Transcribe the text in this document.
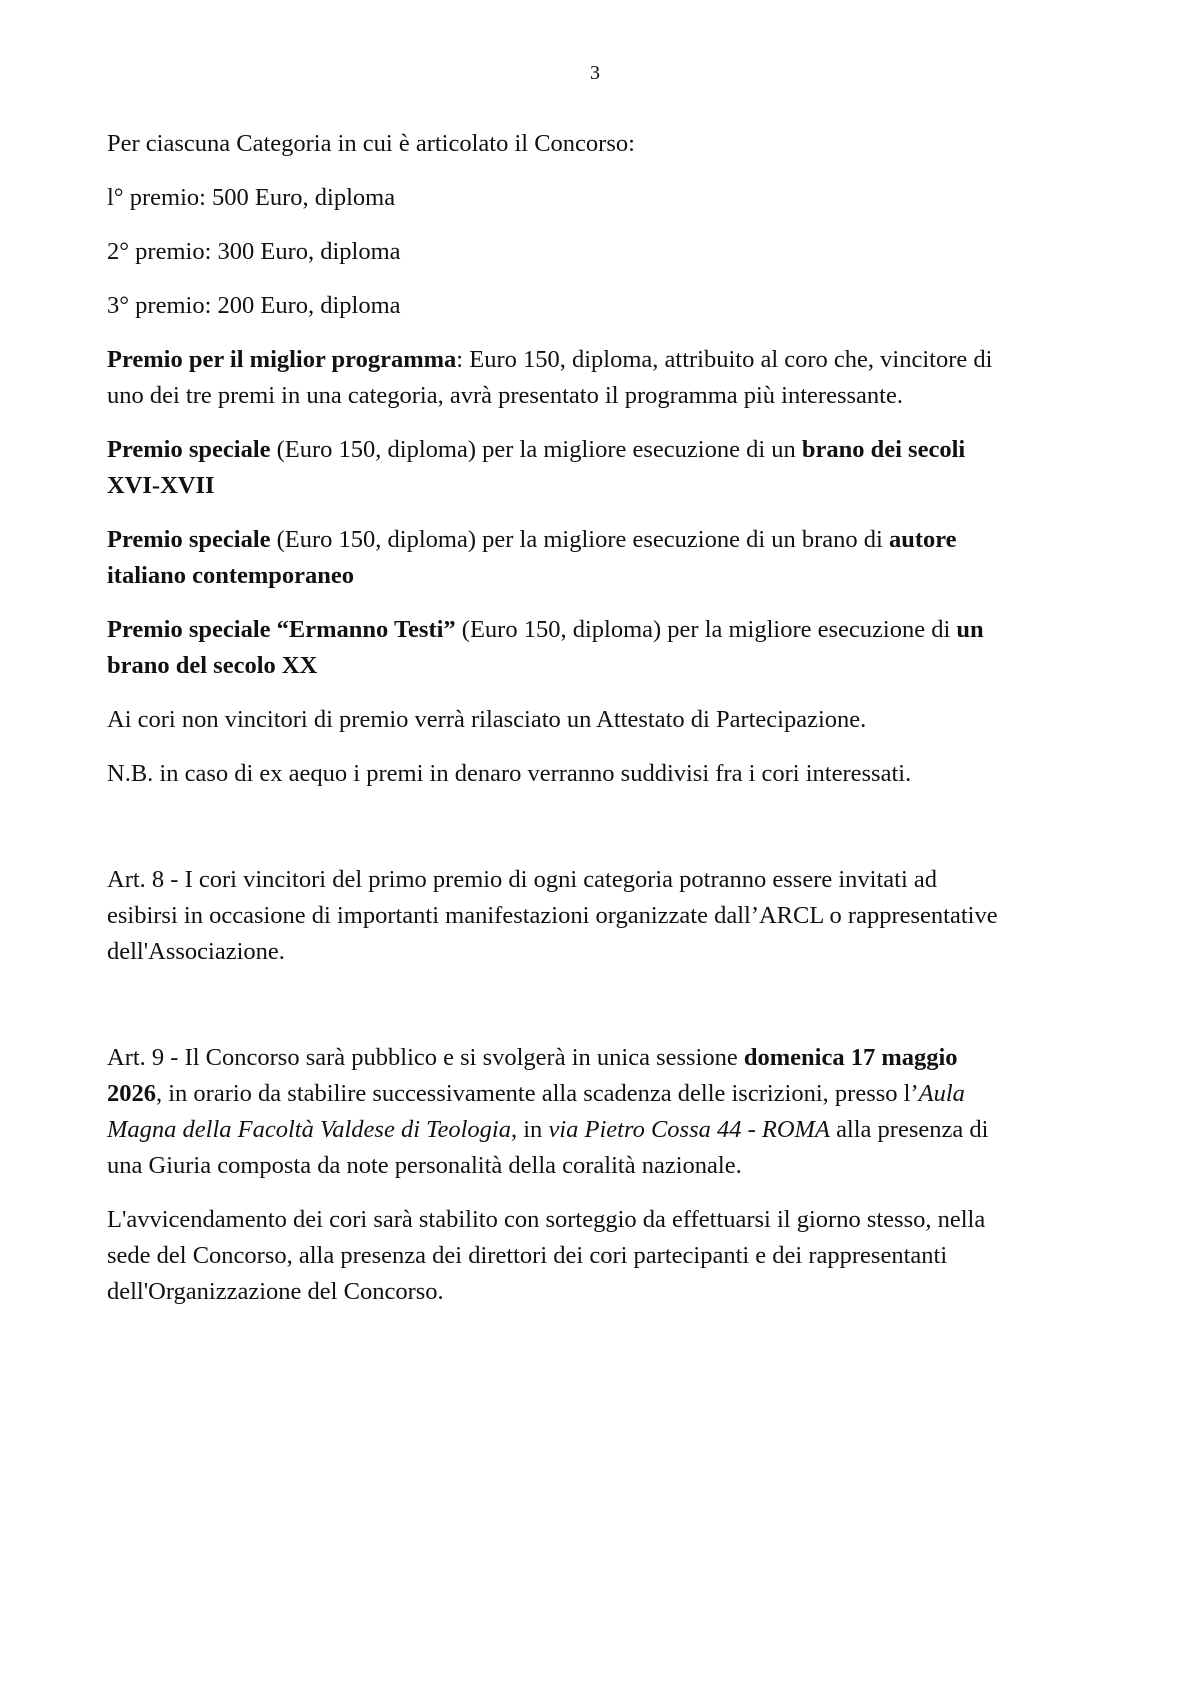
3

Per ciascuna Categoria in cui è articolato il Concorso:

l° premio: 500 Euro, diploma

2° premio: 300 Euro, diploma

3° premio: 200 Euro, diploma

Premio per il miglior programma: Euro 150, diploma, attribuito al coro che, vincitore di uno dei tre premi in una categoria, avrà presentato il programma più interessante.

Premio speciale (Euro 150, diploma) per la migliore esecuzione di un brano dei secoli XVI-XVII

Premio speciale (Euro 150, diploma) per la migliore esecuzione di un brano di autore italiano contemporaneo

Premio speciale “Ermanno Testi” (Euro 150, diploma) per la migliore esecuzione di un brano del secolo XX

Ai cori non vincitori di premio verrà rilasciato un Attestato di Partecipazione.

N.B. in caso di ex aequo i premi in denaro verranno suddivisi fra i cori interessati.

Art. 8 - I cori vincitori del primo premio di ogni categoria potranno essere invitati ad esibirsi in occasione di importanti manifestazioni organizzate dall’ARCL o rappresentative dell'Associazione.

Art. 9 - Il Concorso sarà pubblico e si svolgerà in unica sessione domenica 17 maggio 2026, in orario da stabilire successivamente alla scadenza delle iscrizioni, presso l’Aula Magna della Facoltà Valdese di Teologia, in via Pietro Cossa 44 - ROMA alla presenza di una Giuria composta da note personalità della coralità nazionale.

L'avvicendamento dei cori sarà stabilito con sorteggio da effettuarsi il giorno stesso, nella sede del Concorso, alla presenza dei direttori dei cori partecipanti e dei rappresentanti dell'Organizzazione del Concorso.
